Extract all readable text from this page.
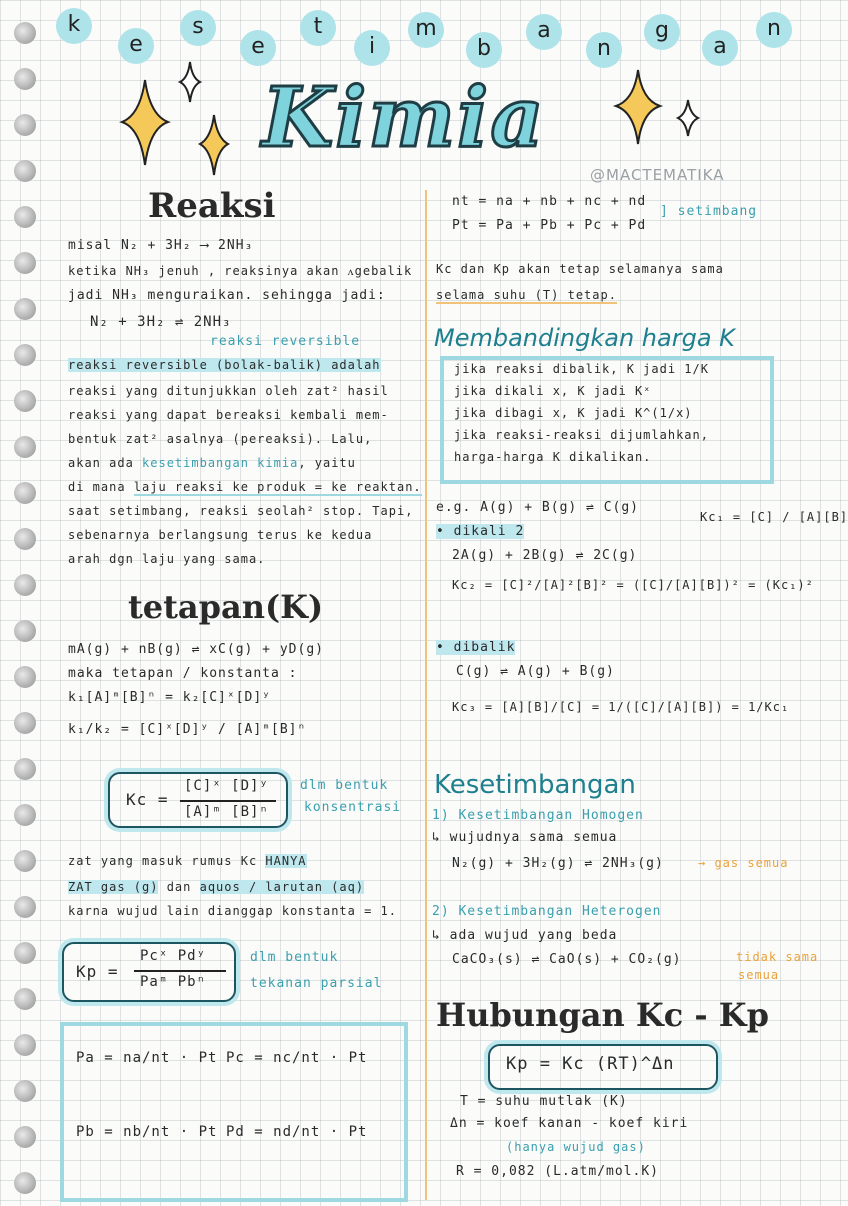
k
e
s
e
t
i
m
b
a
n
g
a
n
Kimia
@MACTEMATIKA
Reaksi
misal N₂ + 3H₂ ⟶ 2NH₃
ketika NH₃ jenuh , reaksinya akan ᴧgebalik
jadi NH₃ menguraikan. sehingga jadi:
N₂ + 3H₂ ⇌ 2NH₃
reaksi reversible
reaksi reversible (bolak-balik) adalah
reaksi yang ditunjukkan oleh zat² hasil
reaksi yang dapat bereaksi kembali mem-
bentuk zat² asalnya (pereaksi). Lalu,
akan ada kesetimbangan kimia, yaitu
di mana laju reaksi ke produk = ke reaktan.
saat setimbang, reaksi seolah² stop. Tapi,
sebenarnya berlangsung terus ke kedua
arah dgn laju yang sama.
tetapan(K)
mA(g) + nB(g) ⇌ xC(g) + yD(g)
maka tetapan / konstanta :
k₁[A]ᵐ[B]ⁿ = k₂[C]ˣ[D]ʸ
k₁/k₂ = [C]ˣ[D]ʸ / [A]ᵐ[B]ⁿ
Kc =
[C]ˣ [D]ʸ
[A]ᵐ [B]ⁿ
dlm bentuk
konsentrasi
zat yang masuk rumus Kc HANYA
ZAT gas (g) dan aquos / larutan (aq)
karna wujud lain dianggap konstanta = 1.
Kp =
Pcˣ Pdʸ
Paᵐ Pbⁿ
dlm bentuk
tekanan parsial
Pa = na/nt · Pt Pc = nc/nt · Pt
Pb = nb/nt · Pt Pd = nd/nt · Pt
nt = na + nb + nc + nd
Pt = Pa + Pb + Pc + Pd
] setimbang
Kc dan Kp akan tetap selamanya sama
selama suhu (T) tetap.
Membandingkan harga K
jika reaksi dibalik, K jadi 1/K
jika dikali x, K jadi Kˣ
jika dibagi x, K jadi K^(1/x)
jika reaksi-reaksi dijumlahkan,
harga-harga K dikalikan.
e.g. A(g) + B(g) ⇌ C(g)
Kc₁ = [C] / [A][B]
• dikali 2
2A(g) + 2B(g) ⇌ 2C(g)
Kc₂ = [C]²/[A]²[B]² = ([C]/[A][B])² = (Kc₁)²
• dibalik
C(g) ⇌ A(g) + B(g)
Kc₃ = [A][B]/[C] = 1/([C]/[A][B]) = 1/Kc₁
Kesetimbangan
1) Kesetimbangan Homogen
↳ wujudnya sama semua
N₂(g) + 3H₂(g) ⇌ 2NH₃(g)	→ gas semua
2) Kesetimbangan Heterogen
↳ ada wujud yang beda
CaCO₃(s) ⇌ CaO(s) + CO₂(g)	tidak sama
semua
Hubungan Kc - Kp
Kp = Kc (RT)^Δn
T = suhu mutlak (K)
Δn = koef kanan - koef kiri
(hanya wujud gas)
R = 0,082 (L.atm/mol.K)
